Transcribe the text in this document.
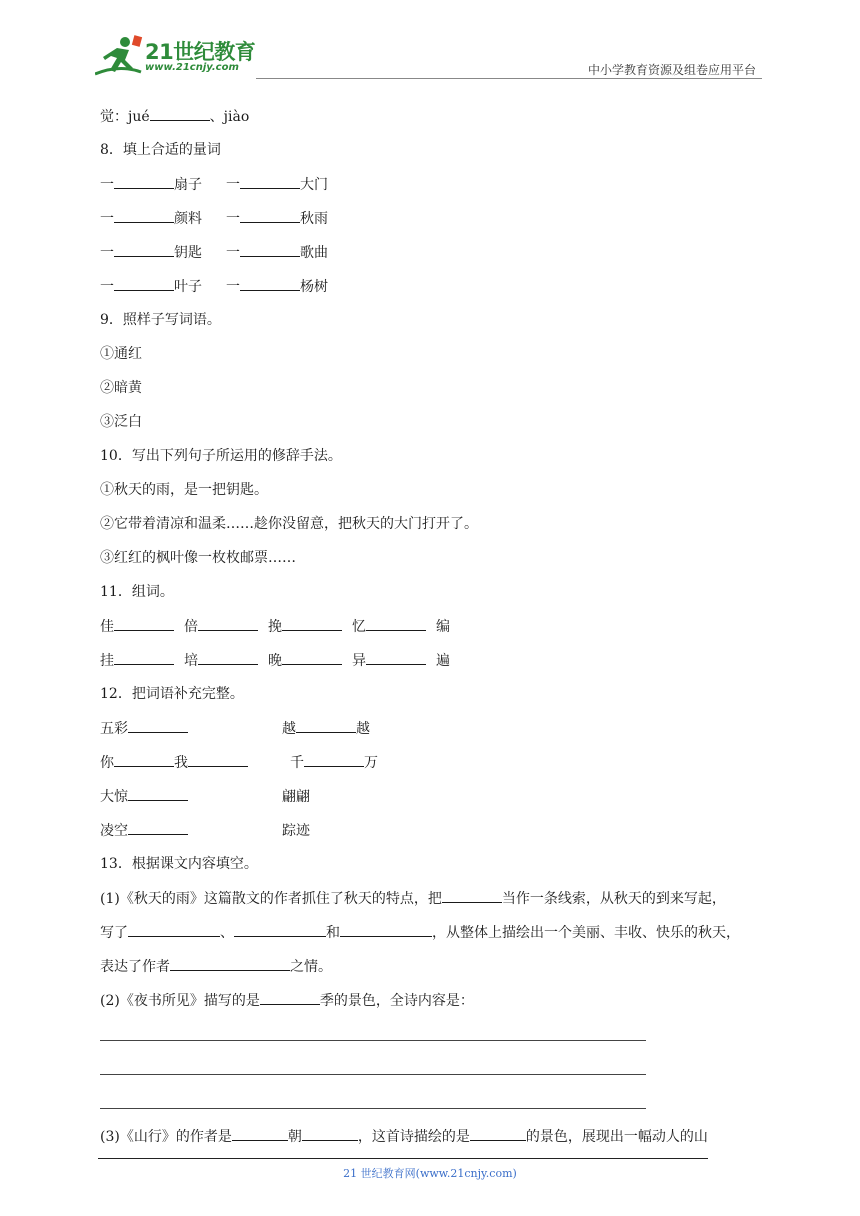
21世纪教育
www.21cnjy.com	中小学教育资源及组卷应用平台
觉：jué	、jiào
8．填上合适的量词
一	扇子 一	大门
一	颜料 一	秋雨
一	钥匙 一	歌曲
一	叶子 一	杨树
9．照样子写词语。
①通红
②暗黄
③泛白
10．写出下列句子所运用的修辞手法。
①秋天的雨，是一把钥匙。
②它带着清凉和温柔……趁你没留意，把秋天的大门打开了。
③红红的枫叶像一枚枚邮票……
11．组词。
佳	倍	挽	忆	编
挂	培	晚	异	遍
12．把词语补充完整。
五彩	越	越
你	我	千	万
大惊	翩翩
凌空	踪迹
13．根据课文内容填空。
(1)《秋天的雨》这篇散文的作者抓住了秋天的特点，把	当作一条线索，从秋天的到来写起，
写了	、	和	，从整体上描绘出一个美丽、丰收、快乐的秋天，
表达了作者	之情。
(2)《夜书所见》描写的是	季的景色，全诗内容是：
(3)《山行》的作者是	朝	，这首诗描绘的是	的景色，展现出一幅动人的山
21 世纪教育网(www.21cnjy.com)
